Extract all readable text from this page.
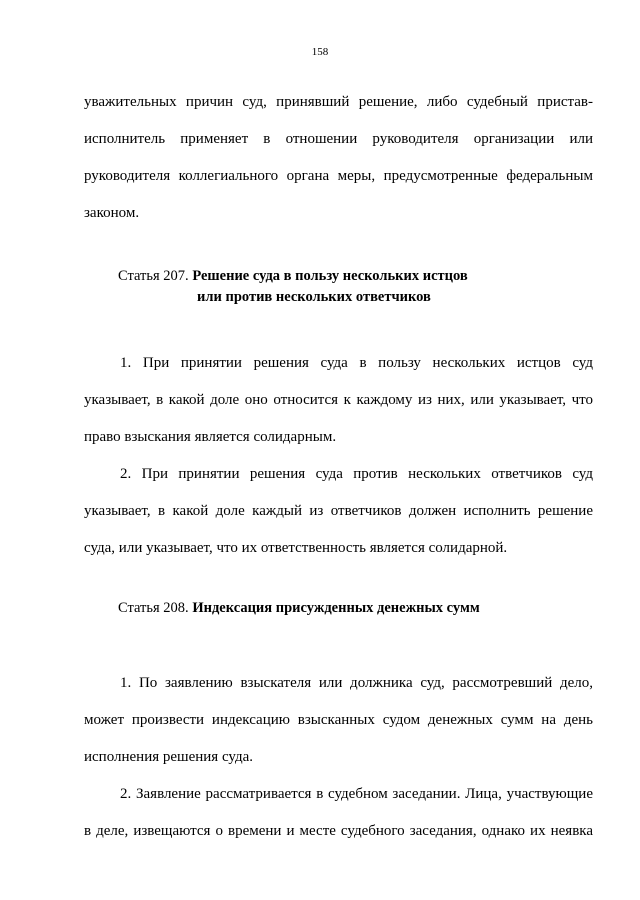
158

уважительных причин суд, принявший решение, либо судебный пристав-

исполнитель применяет в отношении руководителя организации или

руководителя коллегиального органа меры, предусмотренные федеральным

законом.

Статья 207. Решение суда в пользу нескольких истцов
или против нескольких ответчиков

1. При принятии решения суда в пользу нескольких истцов суд

указывает, в какой доле оно относится к каждому из них, или указывает, что

право взыскания является солидарным.

2. При принятии решения суда против нескольких ответчиков суд

указывает, в какой доле каждый из ответчиков должен исполнить решение

суда, или указывает, что их ответственность является солидарной.

Статья 208. Индексация присужденных денежных сумм

1. По заявлению взыскателя или должника суд, рассмотревший дело,

может произвести индексацию взысканных судом денежных сумм на день

исполнения решения суда.

2. Заявление рассматривается в судебном заседании. Лица, участвующие

в деле, извещаются о времени и месте судебного заседания, однако их неявка
